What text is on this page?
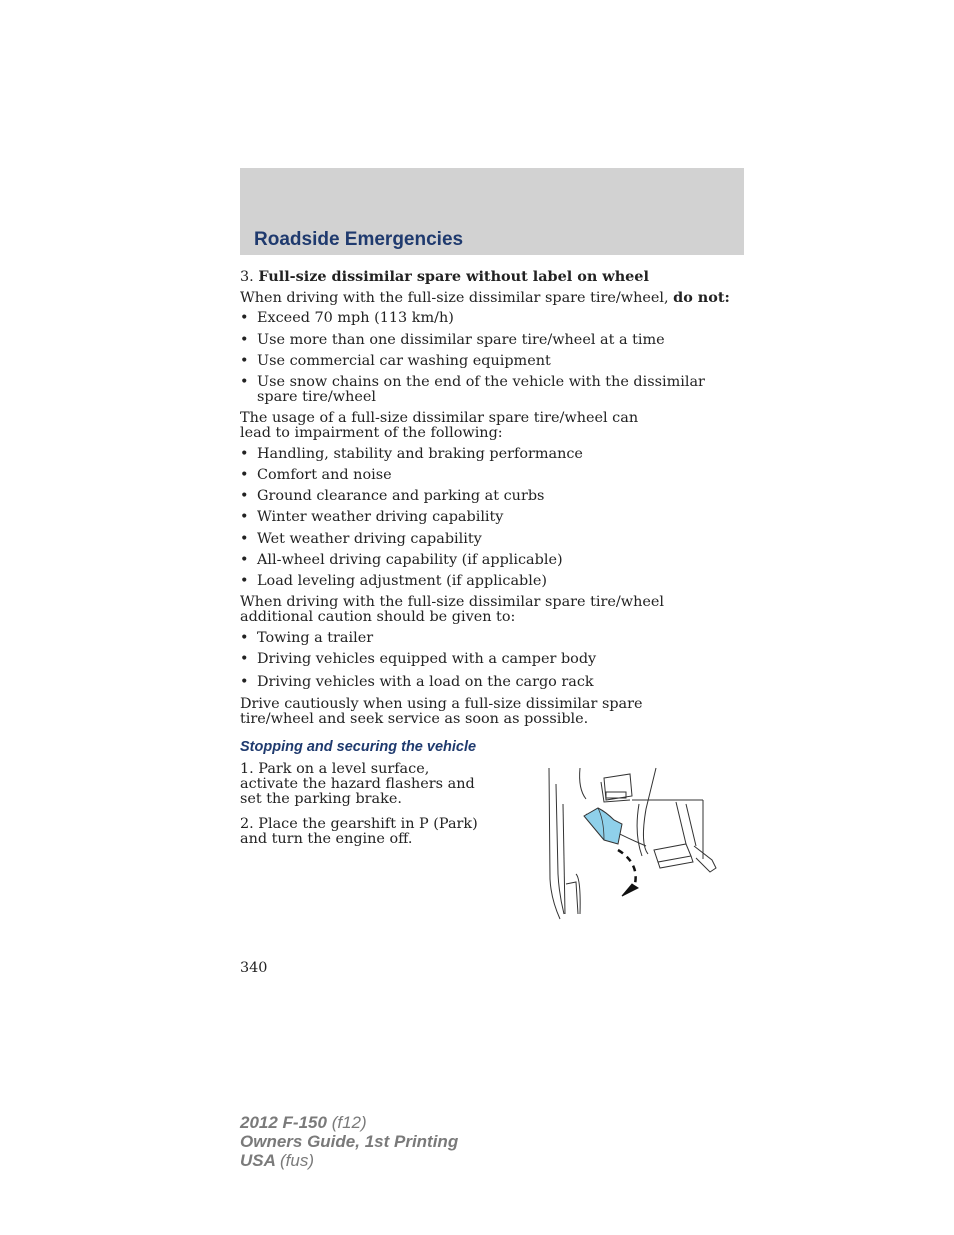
Roadside Emergencies
3. Full-size dissimilar spare without label on wheel
When driving with the full-size dissimilar spare tire/wheel, do not:
• Exceed 70 mph (113 km/h)
• Use more than one dissimilar spare tire/wheel at a time
• Use commercial car washing equipment
• Use snow chains on the end of the vehicle with the dissimilar spare tire/wheel
The usage of a full-size dissimilar spare tire/wheel can lead to impairment of the following:
• Handling, stability and braking performance
• Comfort and noise
• Ground clearance and parking at curbs
• Winter weather driving capability
• Wet weather driving capability
• All-wheel driving capability (if applicable)
• Load leveling adjustment (if applicable)
When driving with the full-size dissimilar spare tire/wheel additional caution should be given to:
• Towing a trailer
• Driving vehicles equipped with a camper body
• Driving vehicles with a load on the cargo rack
Drive cautiously when using a full-size dissimilar spare tire/wheel and seek service as soon as possible.
Stopping and securing the vehicle
1. Park on a level surface, activate the hazard flashers and set the parking brake.
2. Place the gearshift in P (Park) and turn the engine off.
340
2012 F-150 (f12)
Owners Guide, 1st Printing
USA (fus)
